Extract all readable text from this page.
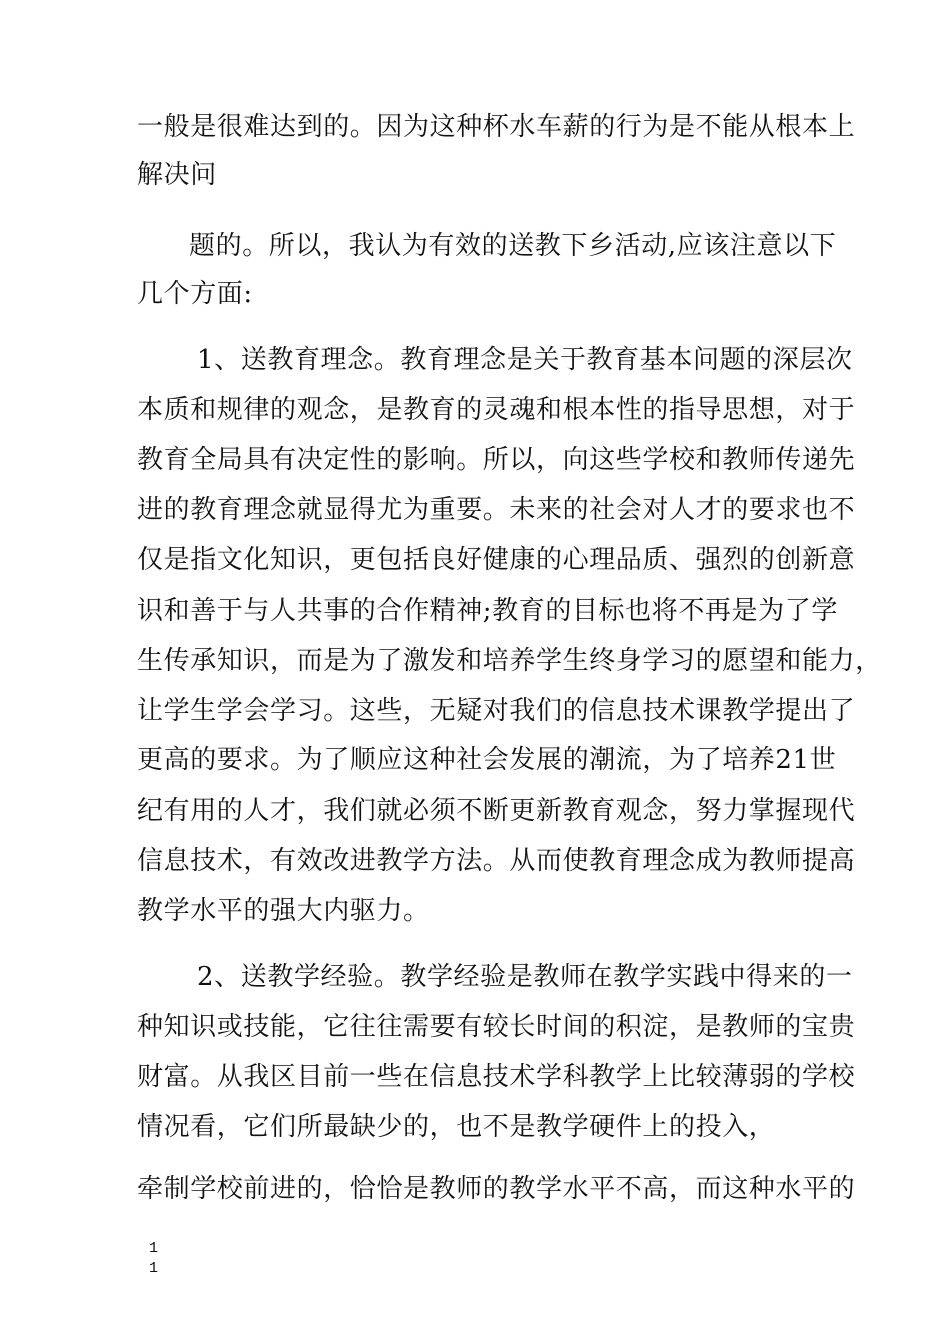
一般是很难达到的。因为这种杯水车薪的行为是不能从根本上
解决问
题的。所以，我认为有效的送教下乡活动,应该注意以下
几个方面:
1、送教育理念。教育理念是关于教育基本问题的深层次
本质和规律的观念，是教育的灵魂和根本性的指导思想，对于
教育全局具有决定性的影响。所以，向这些学校和教师传递先
进的教育理念就显得尤为重要。未来的社会对人才的要求也不
仅是指文化知识，更包括良好健康的心理品质、强烈的创新意
识和善于与人共事的合作精神;教育的目标也将不再是为了学
生传承知识，而是为了激发和培养学生终身学习的愿望和能力，
让学生学会学习。这些，无疑对我们的信息技术课教学提出了
更高的要求。为了顺应这种社会发展的潮流，为了培养21世
纪有用的人才，我们就必须不断更新教育观念，努力掌握现代
信息技术，有效改进教学方法。从而使教育理念成为教师提高
教学水平的强大内驱力。
2、送教学经验。教学经验是教师在教学实践中得来的一
种知识或技能，它往往需要有较长时间的积淀，是教师的宝贵
财富。从我区目前一些在信息技术学科教学上比较薄弱的学校
情况看，它们所最缺少的，也不是教学硬件上的投入，
牵制学校前进的，恰恰是教师的教学水平不高，而这种水平的
1
1
